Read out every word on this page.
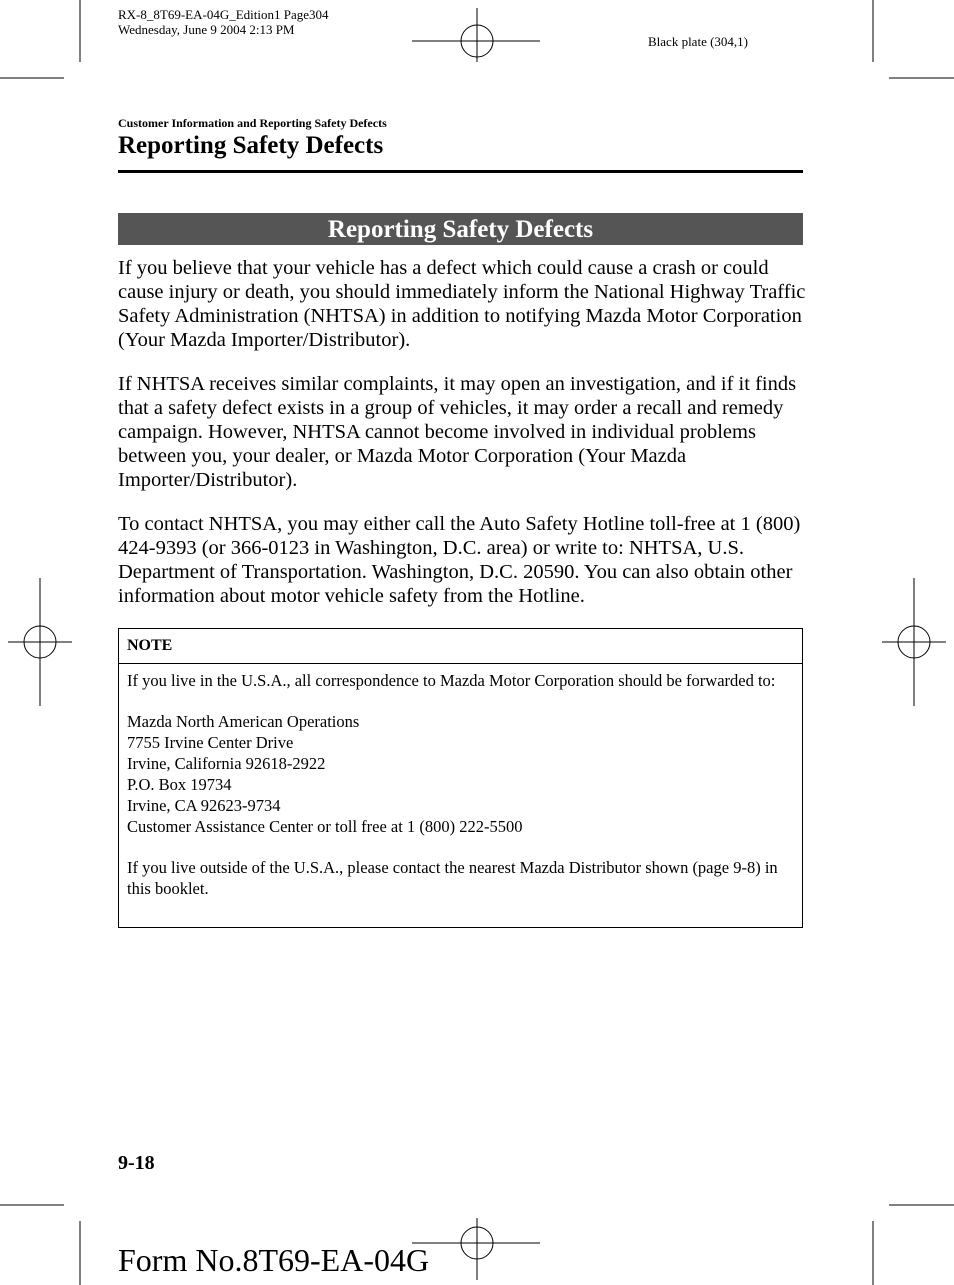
RX-8_8T69-EA-04G_Edition1 Page304
Wednesday, June 9 2004 2:13 PM
Black plate (304,1)
Customer Information and Reporting Safety Defects
Reporting Safety Defects
Reporting Safety Defects

If you believe that your vehicle has a defect which could cause a crash or could cause injury or death, you should immediately inform the National Highway Traffic Safety Administration (NHTSA) in addition to notifying Mazda Motor Corporation (Your Mazda Importer/Distributor).

If NHTSA receives similar complaints, it may open an investigation, and if it finds that a safety defect exists in a group of vehicles, it may order a recall and remedy campaign. However, NHTSA cannot become involved in individual problems between you, your dealer, or Mazda Motor Corporation (Your Mazda Importer/Distributor).

To contact NHTSA, you may either call the Auto Safety Hotline toll-free at 1 (800) 424-9393 (or 366-0123 in Washington, D.C. area) or write to: NHTSA, U.S. Department of Transportation. Washington, D.C. 20590. You can also obtain other information about motor vehicle safety from the Hotline.

NOTE

If you live in the U.S.A., all correspondence to Mazda Motor Corporation should be forwarded to:

Mazda North American Operations
7755 Irvine Center Drive
Irvine, California 92618-2922
P.O. Box 19734
Irvine, CA 92623-9734
Customer Assistance Center or toll free at 1 (800) 222-5500

If you live outside of the U.S.A., please contact the nearest Mazda Distributor shown (page 9-8) in this booklet.

9-18
Form No.8T69-EA-04G
